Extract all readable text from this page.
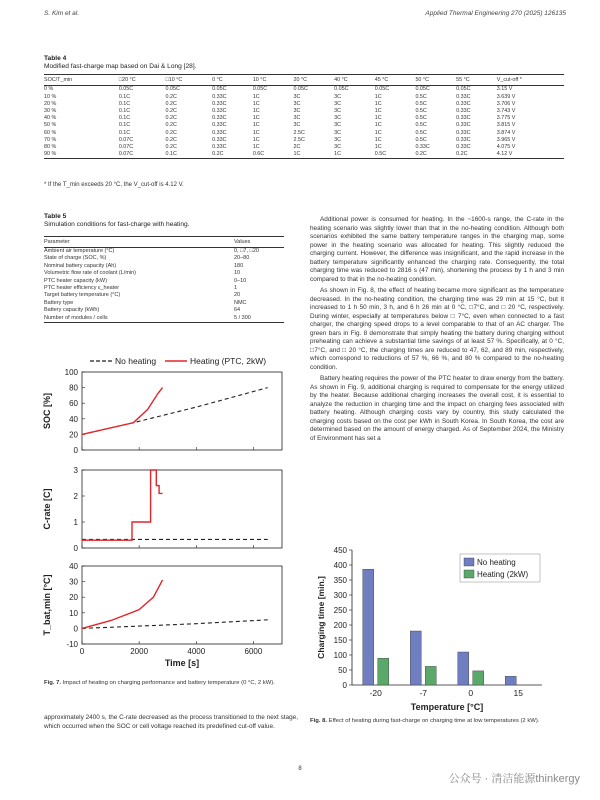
S. Kim et al.	Applied Thermal Engineering 270 (2025) 126135
Table 4
Modified fast-charge map based on Dai & Long [28].
SOC/T_min	□20 °C	□10 °C	0 °C	10 °C	20 °C	40 °C	45 °C	50 °C	55 °C	V_cut-off *
0 %	0.05C	0.05C	0.05C	0.05C	0.05C	0.05C	0.05C	0.05C	0.05C	3.15 V
10 %	0.1C	0.2C	0.33C	1C	3C	3C	1C	0.5C	0.33C	3.639 V
20 %	0.1C	0.2C	0.33C	1C	3C	3C	1C	0.5C	0.33C	3.706 V
30 %	0.1C	0.2C	0.33C	1C	3C	3C	1C	0.5C	0.33C	3.743 V
40 %	0.1C	0.2C	0.33C	1C	3C	3C	1C	0.5C	0.33C	3.775 V
50 %	0.1C	0.2C	0.33C	1C	3C	3C	1C	0.5C	0.33C	3.815 V
60 %	0.1C	0.2C	0.33C	1C	2.5C	3C	1C	0.5C	0.33C	3.874 V
70 %	0.07C	0.2C	0.33C	1C	2.5C	3C	1C	0.5C	0.33C	3.965 V
80 %	0.07C	0.2C	0.33C	1C	2C	3C	1C	0.33C	0.33C	4.075 V
90 %	0.07C	0.1C	0.2C	0.6C	1C	1C	0.5C	0.2C	0.2C	4.12 V
* If the T_min exceeds 20 °C, the V_cut-off is 4.12 V.
Table 5
Simulation conditions for fast-charge with heating.
Parameter	Values
Ambient air temperature (°C)	0, □7, □20
State of charge (SOC, %)	20–80
Nominal battery capacity (Ah)	180
Volumetric flow rate of coolant (L/min)	10
PTC heater capacity (kW)	0–10
PTC heater efficiency ε_heater	1
Target battery temperature (°C)	20
Battery type	NMC
Battery capacity (kWh)	64
Number of modules / cells	5 / 300

Additional power is consumed for heating. In the ~1600-s range, the C-rate in the heating scenario was slightly lower than that in the no-heating condition. Although both scenarios exhibited the same battery temperature ranges in the charging map, some power in the heating scenario was allocated for heating. This slightly reduced the charging current. However, the difference was insignificant, and the rapid increase in the battery temperature significantly enhanced the charging rate. Consequently, the total charging time was reduced to 2816 s (47 min), shortening the process by 1 h and 3 min compared to that in the no-heating condition.

As shown in Fig. 8, the effect of heating became more significant as the temperature decreased. In the no-heating condition, the charging time was 29 min at 15 °C, but it increased to 1 h 50 min, 3 h, and 6 h 26 min at 0 °C, □7°C, and □ 20 °C, respectively. During winter, especially at temperatures below □ 7°C, even when connected to a fast charger, the charging speed drops to a level comparable to that of an AC charger. The green bars in Fig. 8 demonstrate that simply heating the battery during charging without preheating can achieve a substantial time savings of at least 57 %. Specifically, at 0 °C, □7°C, and □ 20 °C, the charging times are reduced to 47, 62, and 89 min, respectively, which correspond to reductions of 57 %, 66 %, and 80 % compared to the no-heating condition.

Battery heating requires the power of the PTC heater to draw energy from the battery. As shown in Fig. 9, additional charging is required to compensate for the energy utilized by the heater. Because additional charging increases the overall cost, it is essential to analyze the reduction in charging time and the impact on charging fees associated with battery heating. Although charging costs vary by country, this study calculated the charging costs based on the cost per kWh in South Korea. In South Korea, the cost are determined based on the amount of energy charged. As of September 2024, the Ministry of Environment has set a

No heating	Heating (PTC, 2kW)
0
20
40
60
80
100
SOC [%]
0
1
2
3
C-rate [C]
-10
0
10
20
30
40
0	2000	4000	6000
T_bat,min [°C]
Time [s]
Fig. 7. Impact of heating on charging performance and battery temperature (0 °C, 2 kW).	0
50
100
150
200
250
300
350
400
450
-20	-7	0	15
Charging time [min.]
Temperature [°C]
No heating
Heating (2kW)
Fig. 8. Effect of heating during fast-charge on charging time at low temperatures (2 kW).
approximately 2400 s, the C-rate decreased as the process transitioned to the next stage, which occurred when the SOC or cell voltage reached its predefined cut-off value.
8
公众号 · 清洁能源thinkergy
